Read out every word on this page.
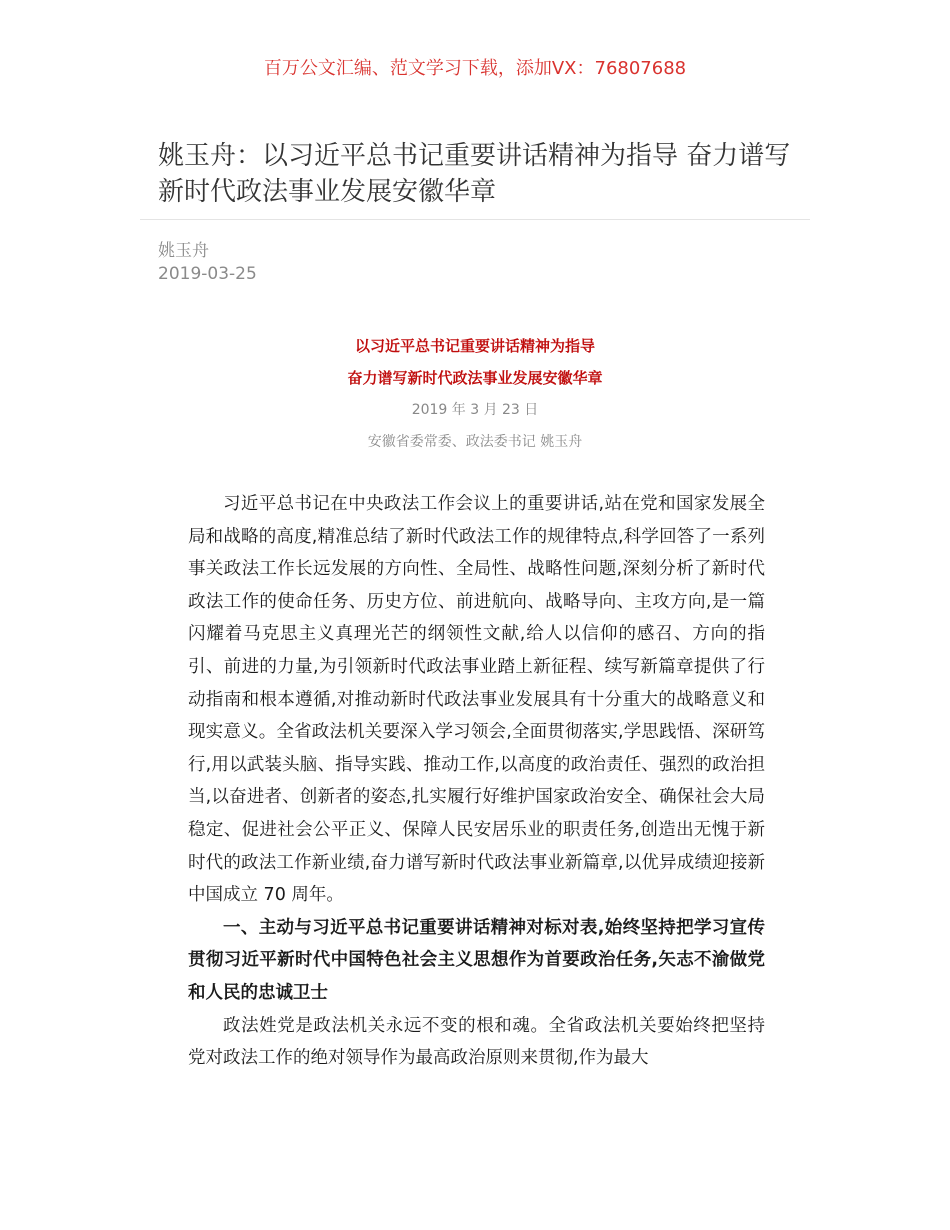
百万公文汇编、范文学习下载，添加VX：76807688
姚玉舟：以习近平总书记重要讲话精神为指导 奋力谱写新时代政法事业发展安徽华章
姚玉舟
2019-03-25
以习近平总书记重要讲话精神为指导
奋力谱写新时代政法事业发展安徽华章
2019 年 3 月 23 日
安徽省委常委、政法委书记 姚玉舟

习近平总书记在中央政法工作会议上的重要讲话,站在党和国家发展全局和战略的高度,精准总结了新时代政法工作的规律特点,科学回答了一系列事关政法工作长远发展的方向性、全局性、战略性问题,深刻分析了新时代政法工作的使命任务、历史方位、前进航向、战略导向、主攻方向,是一篇闪耀着马克思主义真理光芒的纲领性文献,给人以信仰的感召、方向的指引、前进的力量,为引领新时代政法事业踏上新征程、续写新篇章提供了行动指南和根本遵循,对推动新时代政法事业发展具有十分重大的战略意义和现实意义。全省政法机关要深入学习领会,全面贯彻落实,学思践悟、深研笃行,用以武装头脑、指导实践、推动工作,以高度的政治责任、强烈的政治担当,以奋进者、创新者的姿态,扎实履行好维护国家政治安全、确保社会大局稳定、促进社会公平正义、保障人民安居乐业的职责任务,创造出无愧于新时代的政法工作新业绩,奋力谱写新时代政法事业新篇章,以优异成绩迎接新中国成立 70 周年。

一、主动与习近平总书记重要讲话精神对标对表,始终坚持把学习宣传贯彻习近平新时代中国特色社会主义思想作为首要政治任务,矢志不渝做党和人民的忠诚卫士

政法姓党是政法机关永远不变的根和魂。全省政法机关要始终把坚持党对政法工作的绝对领导作为最高政治原则来贯彻,作为最大
